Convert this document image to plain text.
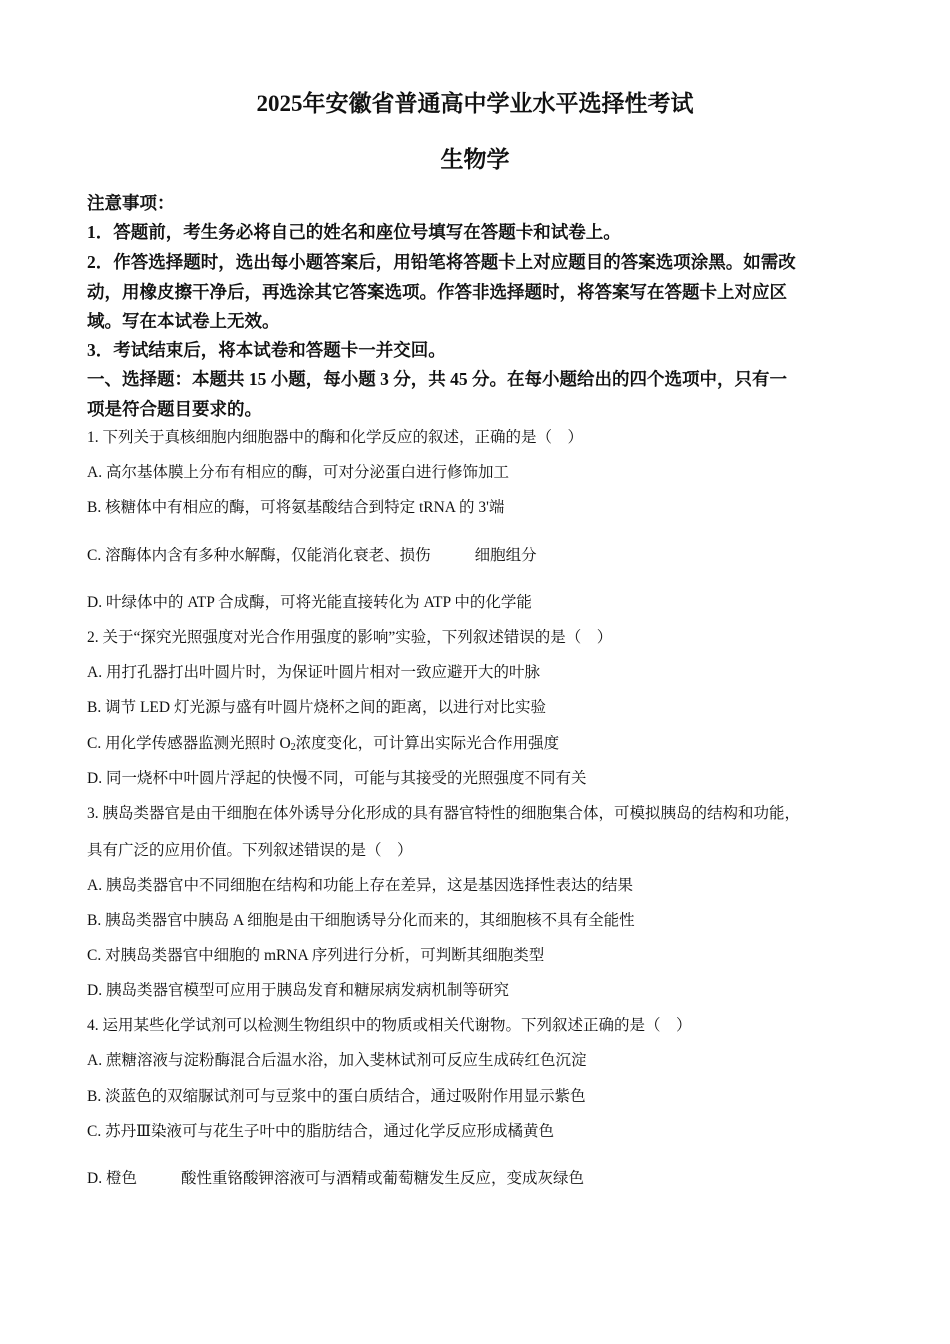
2025年安徽省普通高中学业水平选择性考试
生物学
注意事项：
1．答题前，考生务必将自己的姓名和座位号填写在答题卡和试卷上。
2．作答选择题时，选出每小题答案后，用铅笔将答题卡上对应题目的答案选项涂黑。如需改
动，用橡皮擦干净后，再选涂其它答案选项。作答非选择题时，将答案写在答题卡上对应区
域。写在本试卷上无效。
3．考试结束后，将本试卷和答题卡一并交回。
一、选择题：本题共 15 小题，每小题 3 分，共 45 分。在每小题给出的四个选项中，只有一
项是符合题目要求的。
1. 下列关于真核细胞内细胞器中的酶和化学反应的叙述，正确的是（　）
A. 高尔基体膜上分布有相应的酶，可对分泌蛋白进行修饰加工
B. 核糖体中有相应的酶，可将氨基酸结合到特定 tRNA 的 3'端
C. 溶酶体内含有多种水解酶，仅能消化衰老、损伤	细胞组分
D. 叶绿体中的 ATP 合成酶，可将光能直接转化为 ATP 中的化学能
2. 关于“探究光照强度对光合作用强度的影响”实验，下列叙述错误的是（　）
A. 用打孔器打出叶圆片时，为保证叶圆片相对一致应避开大的叶脉
B. 调节 LED 灯光源与盛有叶圆片烧杯之间的距离，以进行对比实验
C. 用化学传感器监测光照时 $O_2$浓度变化，可计算出实际光合作用强度
D. 同一烧杯中叶圆片浮起的快慢不同，可能与其接受的光照强度不同有关
3. 胰岛类器官是由干细胞在体外诱导分化形成的具有器官特性的细胞集合体，可模拟胰岛的结构和功能，
具有广泛的应用价值。下列叙述错误的是（　）
A. 胰岛类器官中不同细胞在结构和功能上存在差异，这是基因选择性表达的结果
B. 胰岛类器官中胰岛 A 细胞是由干细胞诱导分化而来的，其细胞核不具有全能性
C. 对胰岛类器官中细胞的 mRNA 序列进行分析，可判断其细胞类型
D. 胰岛类器官模型可应用于胰岛发育和糖尿病发病机制等研究
4. 运用某些化学试剂可以检测生物组织中的物质或相关代谢物。下列叙述正确的是（　）
A. 蔗糖溶液与淀粉酶混合后温水浴，加入斐林试剂可反应生成砖红色沉淀
B. 淡蓝色的双缩脲试剂可与豆浆中的蛋白质结合，通过吸附作用显示紫色
C. 苏丹Ⅲ染液可与花生子叶中的脂肪结合，通过化学反应形成橘黄色
D. 橙色	酸性重铬酸钾溶液可与酒精或葡萄糖发生反应，变成灰绿色
